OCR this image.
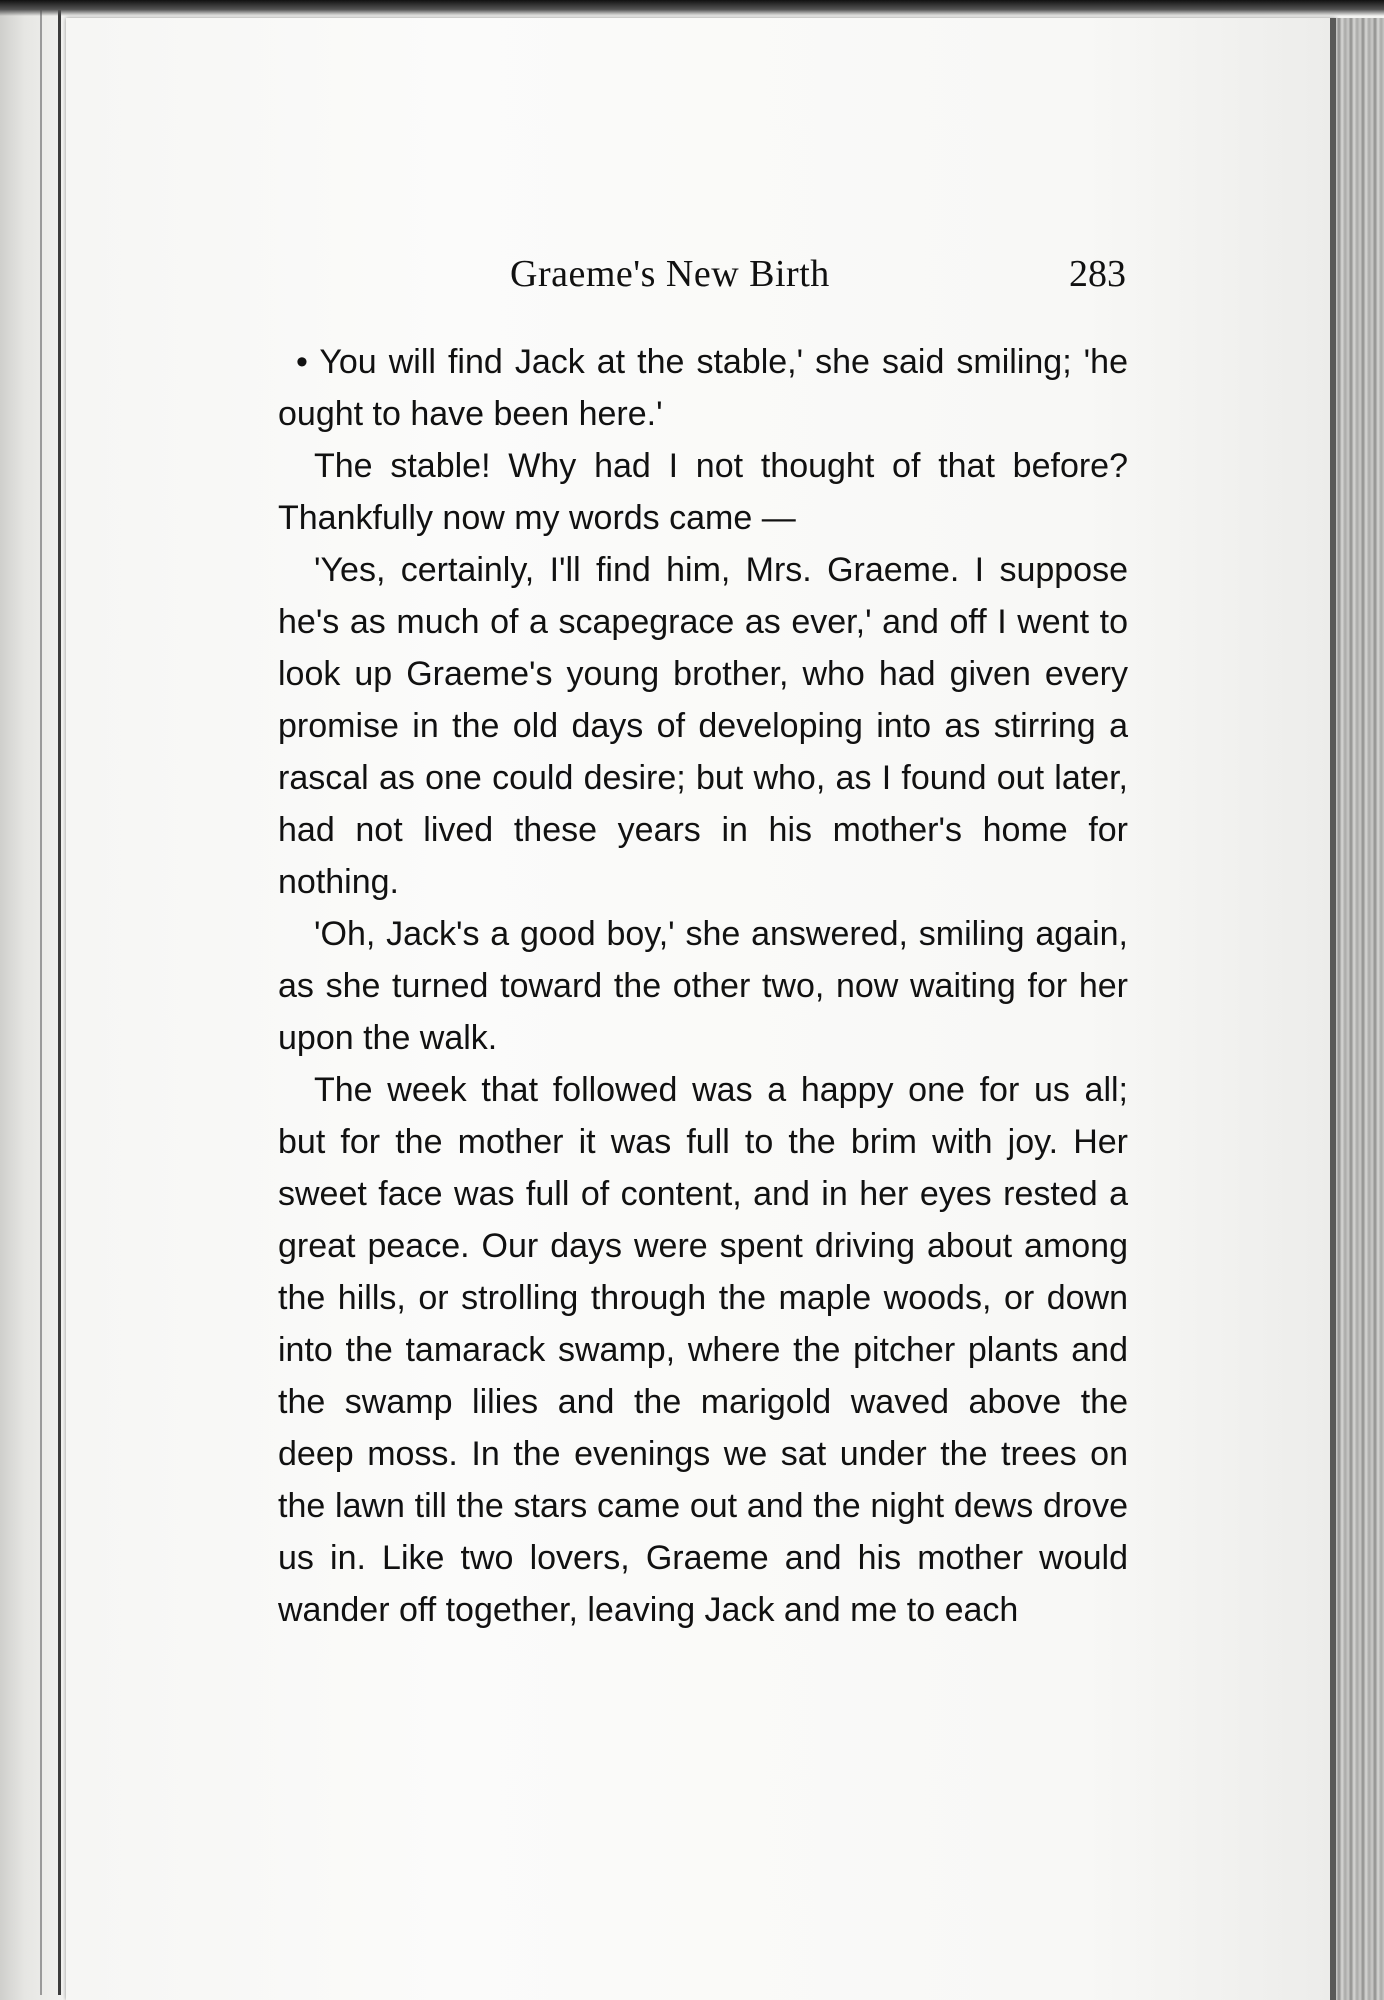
Graeme's New Birth	283

• You will find Jack at the stable,' she said smiling; 'he ought to have been here.'

The stable! Why had I not thought of that before? Thankfully now my words came —

'Yes, certainly, I'll find him, Mrs. Graeme. I suppose he's as much of a scapegrace as ever,' and off I went to look up Graeme's young brother, who had given every promise in the old days of developing into as stirring a rascal as one could desire; but who, as I found out later, had not lived these years in his mother's home for nothing.

'Oh, Jack's a good boy,' she answered, smiling again, as she turned toward the other two, now waiting for her upon the walk.

The week that followed was a happy one for us all; but for the mother it was full to the brim with joy. Her sweet face was full of content, and in her eyes rested a great peace. Our days were spent driving about among the hills, or strolling through the maple woods, or down into the tamarack swamp, where the pitcher plants and the swamp lilies and the marigold waved above the deep moss. In the evenings we sat under the trees on the lawn till the stars came out and the night dews drove us in. Like two lovers, Graeme and his mother would wander off together, leaving Jack and me to each
